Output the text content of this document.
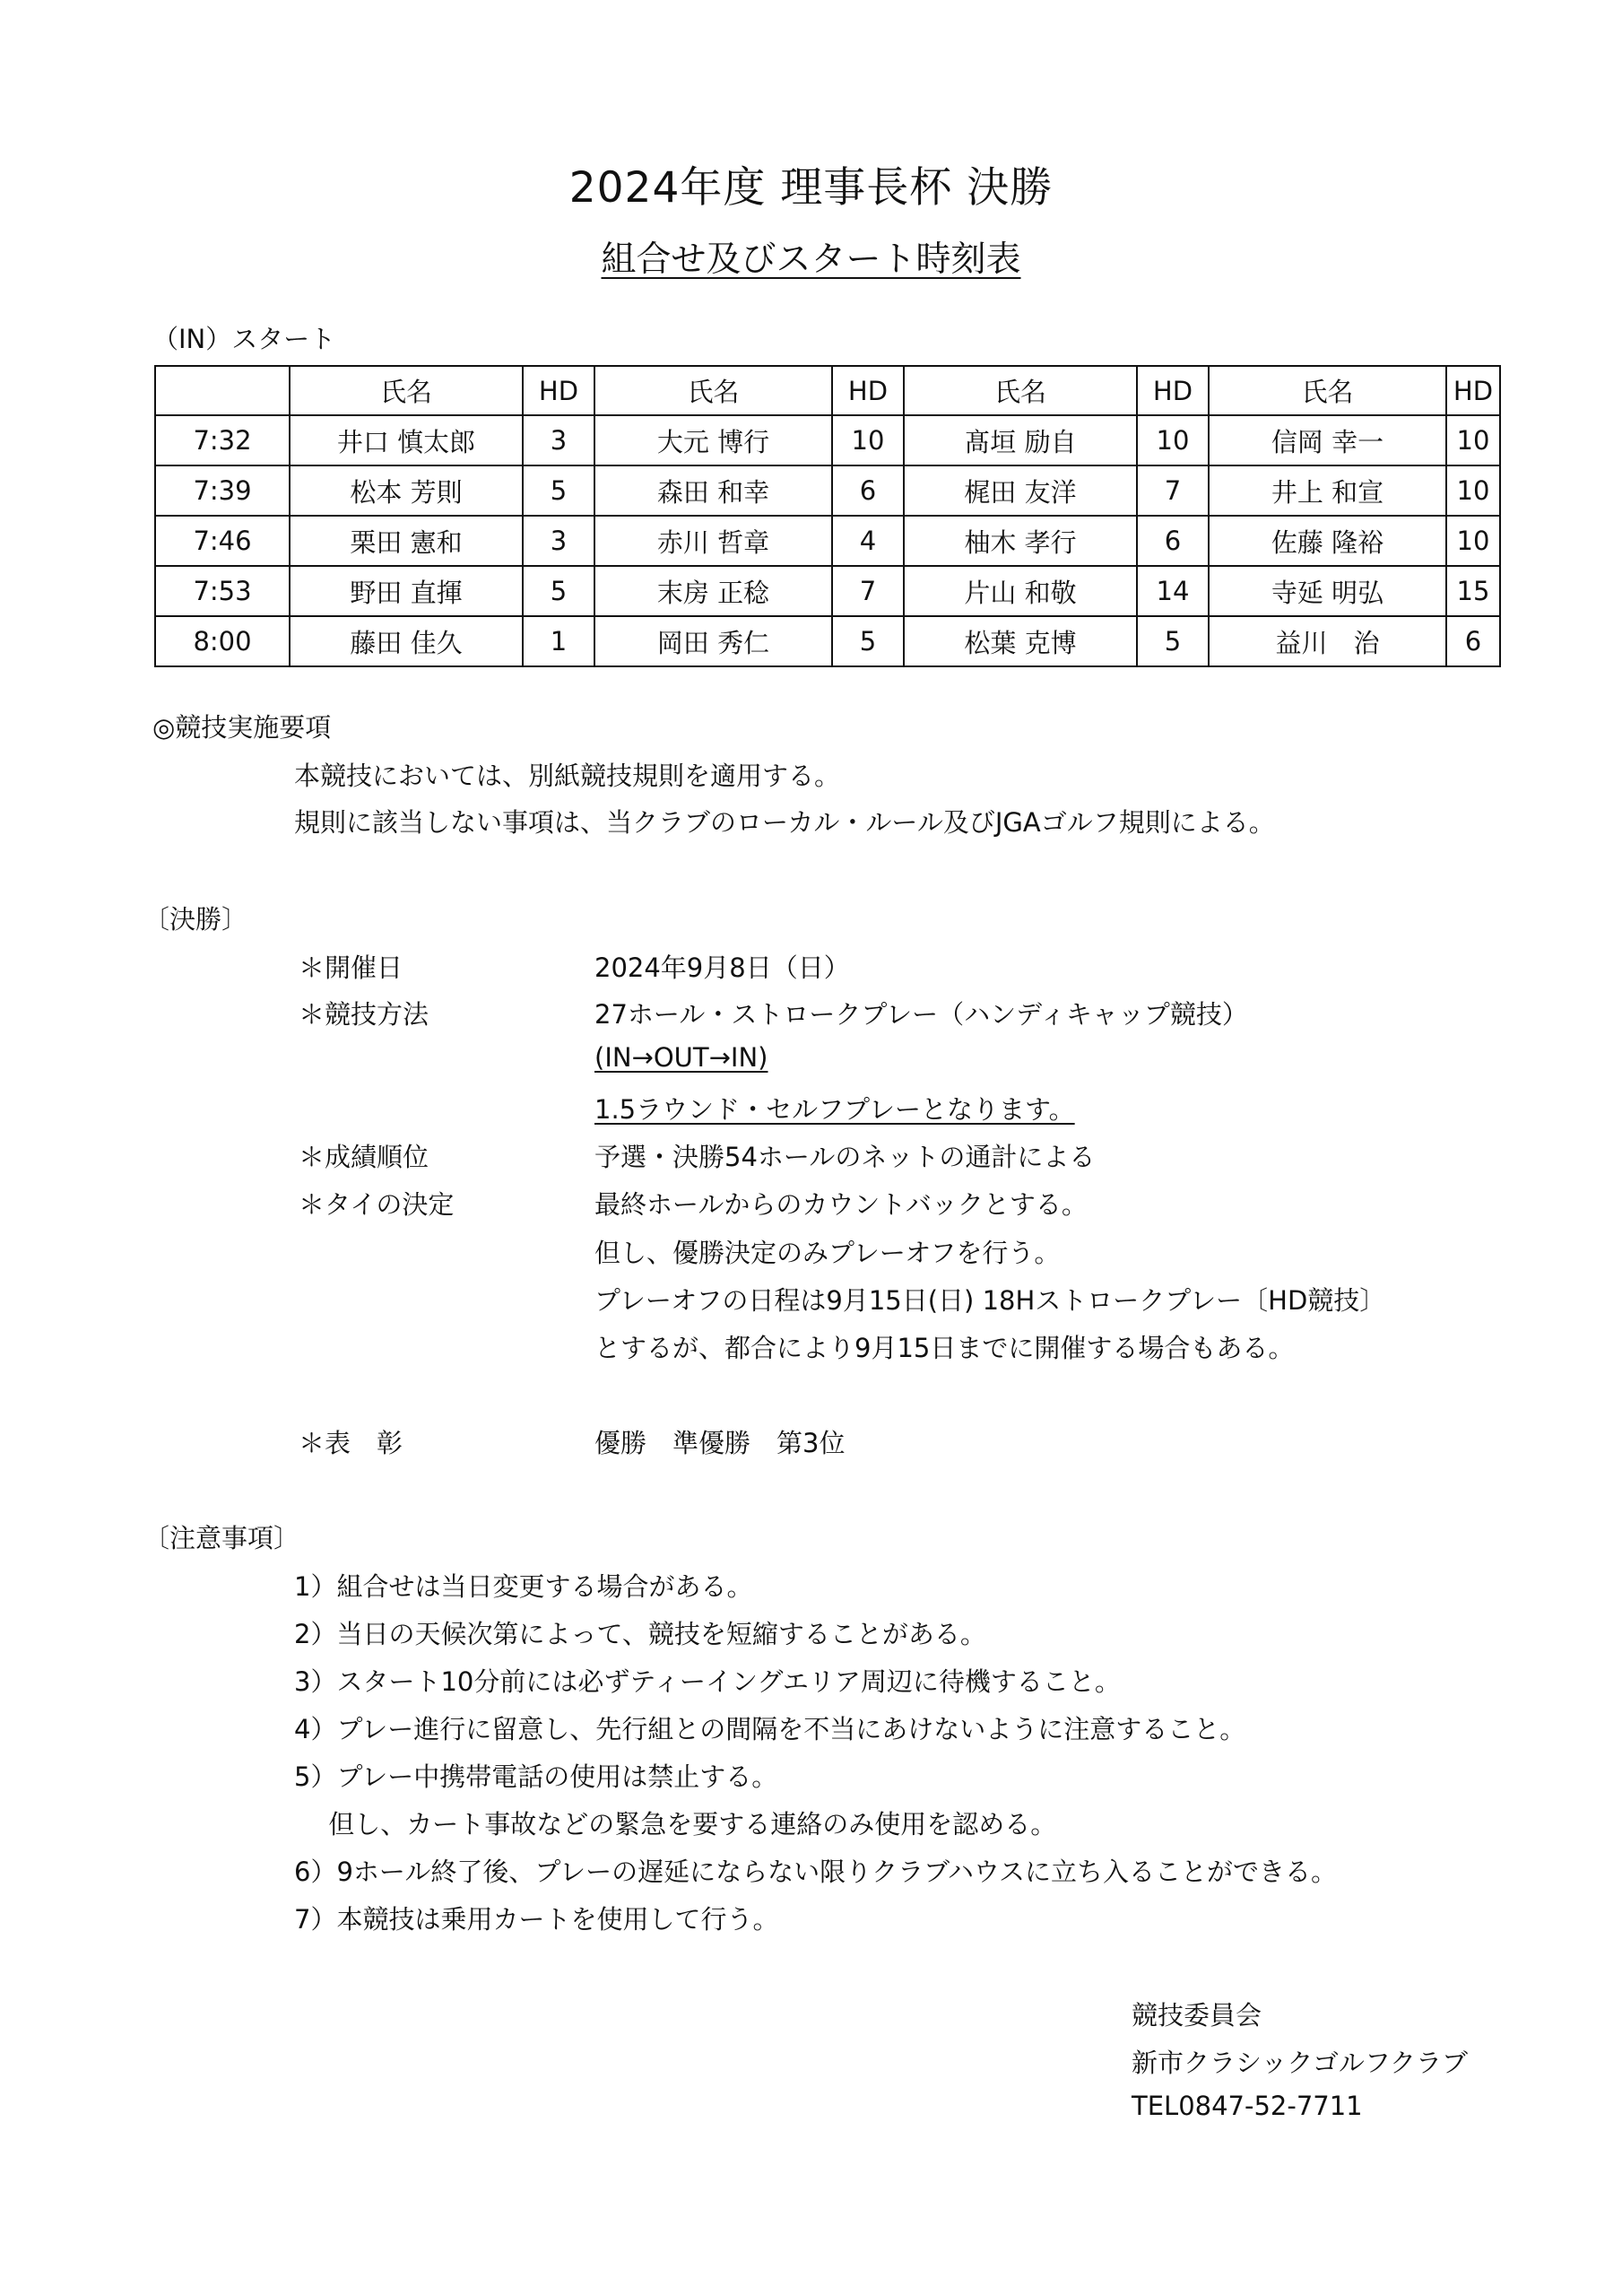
2024年度 理事長杯 決勝
組合せ及びスタート時刻表
（IN）スタート
	氏名	HD	氏名	HD	氏名	HD	氏名	HD
7:32	井口 慎太郎	3	大元 博行	10	髙垣 励自	10	信岡 幸一	10
7:39	松本 芳則	5	森田 和幸	6	梶田 友洋	7	井上 和宣	10
7:46	栗田 憲和	3	赤川 哲章	4	柚木 孝行	6	佐藤 隆裕	10
7:53	野田 直揮	5	末房 正稔	7	片山 和敬	14	寺延 明弘	15
8:00	藤田 佳久	1	岡田 秀仁	5	松葉 克博	5	益川　治	6
◎競技実施要項
本競技においては、別紙競技規則を適用する。
規則に該当しない事項は、当クラブのローカル・ルール及びJGAゴルフ規則による。
〔決勝〕
＊開催日	2024年9月8日（日）
＊競技方法	27ホール・ストロークプレー（ハンディキャップ競技）
(IN→OUT→IN)
1.5ラウンド・セルフプレーとなります。
＊成績順位	予選・決勝54ホールのネットの通計による
＊タイの決定	最終ホールからのカウントバックとする。
但し、優勝決定のみプレーオフを行う。
プレーオフの日程は9月15日(日) 18Hストロークプレー〔HD競技〕
とするが、都合により9月15日までに開催する場合もある。
＊表　彰	優勝　準優勝　第3位
〔注意事項〕
1）組合せは当日変更する場合がある。
2）当日の天候次第によって、競技を短縮することがある。
3）スタート10分前には必ずティーイングエリア周辺に待機すること。
4）プレー進行に留意し、先行組との間隔を不当にあけないように注意すること。
5）プレー中携帯電話の使用は禁止する。
　 但し、カート事故などの緊急を要する連絡のみ使用を認める。
6）9ホール終了後、プレーの遅延にならない限りクラブハウスに立ち入ることができる。
7）本競技は乗用カートを使用して行う。
競技委員会
新市クラシックゴルフクラブ
TEL0847-52-7711
